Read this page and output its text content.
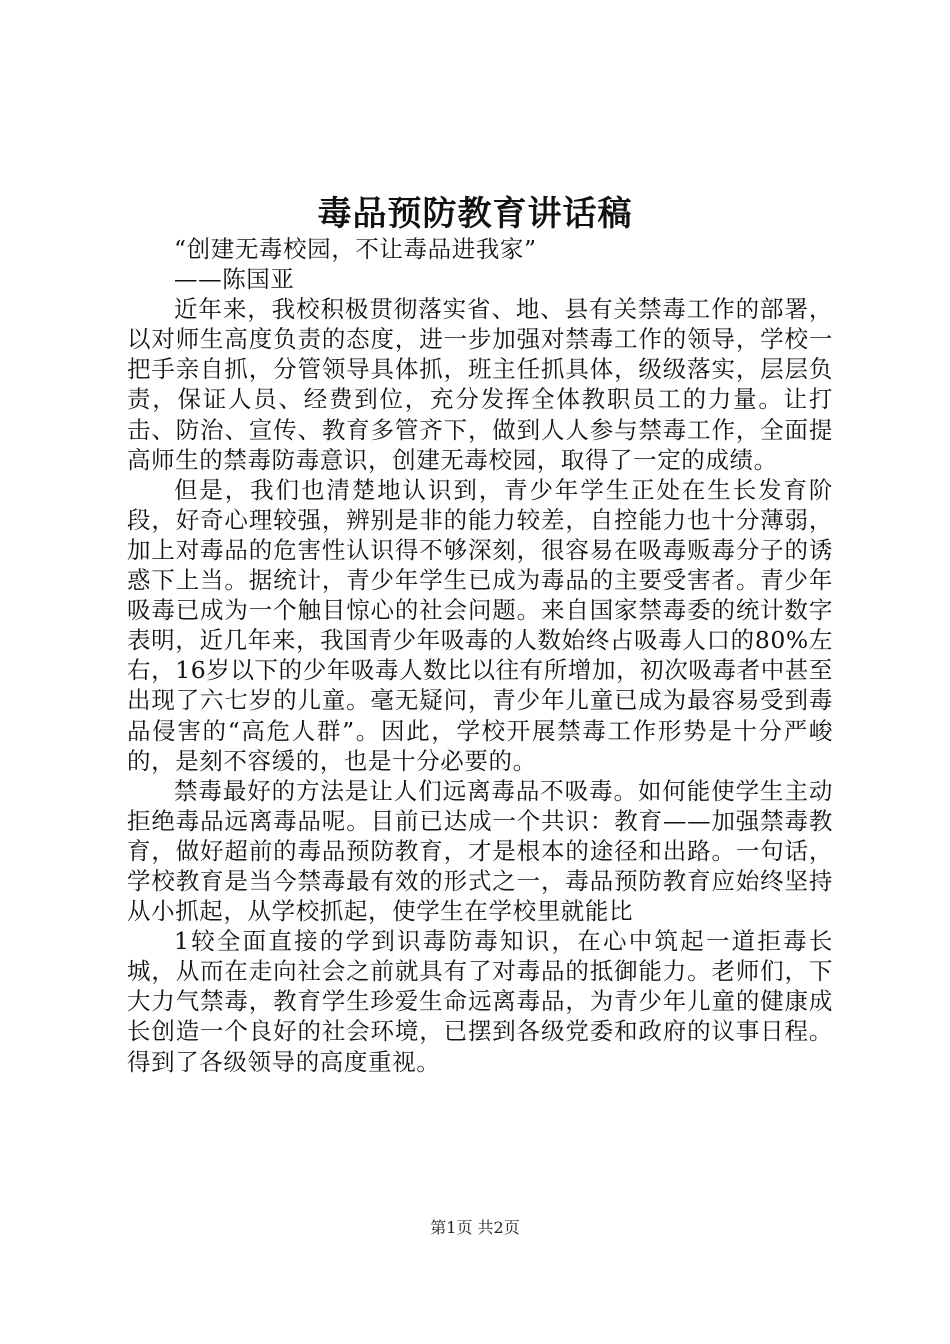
毒品预防教育讲话稿
“创建无毒校园，不让毒品进我家”
——陈国亚

近年来，我校积极贯彻落实省、地、县有关禁毒工作的部署，以对师生高度负责的态度，进一步加强对禁毒工作的领导，学校一把手亲自抓，分管领导具体抓，班主任抓具体，级级落实，层层负责，保证人员、经费到位，充分发挥全体教职员工的力量。让打击、防治、宣传、教育多管齐下，做到人人参与禁毒工作，全面提高师生的禁毒防毒意识，创建无毒校园，取得了一定的成绩。

但是，我们也清楚地认识到，青少年学生正处在生长发育阶段，好奇心理较强，辨别是非的能力较差，自控能力也十分薄弱，加上对毒品的危害性认识得不够深刻，很容易在吸毒贩毒分子的诱惑下上当。据统计，青少年学生已成为毒品的主要受害者。青少年吸毒已成为一个触目惊心的社会问题。来自国家禁毒委的统计数字表明，近几年来，我国青少年吸毒的人数始终占吸毒人口的80%左右，16岁以下的少年吸毒人数比以往有所增加，初次吸毒者中甚至出现了六七岁的儿童。毫无疑问，青少年儿童已成为最容易受到毒品侵害的“高危人群”。因此，学校开展禁毒工作形势是十分严峻的，是刻不容缓的，也是十分必要的。

禁毒最好的方法是让人们远离毒品不吸毒。如何能使学生主动拒绝毒品远离毒品呢。目前已达成一个共识：教育——加强禁毒教育，做好超前的毒品预防教育，才是根本的途径和出路。一句话，学校教育是当今禁毒最有效的形式之一，毒品预防教育应始终坚持从小抓起，从学校抓起，使学生在学校里就能比

1较全面直接的学到识毒防毒知识，在心中筑起一道拒毒长城，从而在走向社会之前就具有了对毒品的抵御能力。老师们，下大力气禁毒，教育学生珍爱生命远离毒品，为青少年儿童的健康成长创造一个良好的社会环境，已摆到各级党委和政府的议事日程。得到了各级领导的高度重视。

第1页 共2页
